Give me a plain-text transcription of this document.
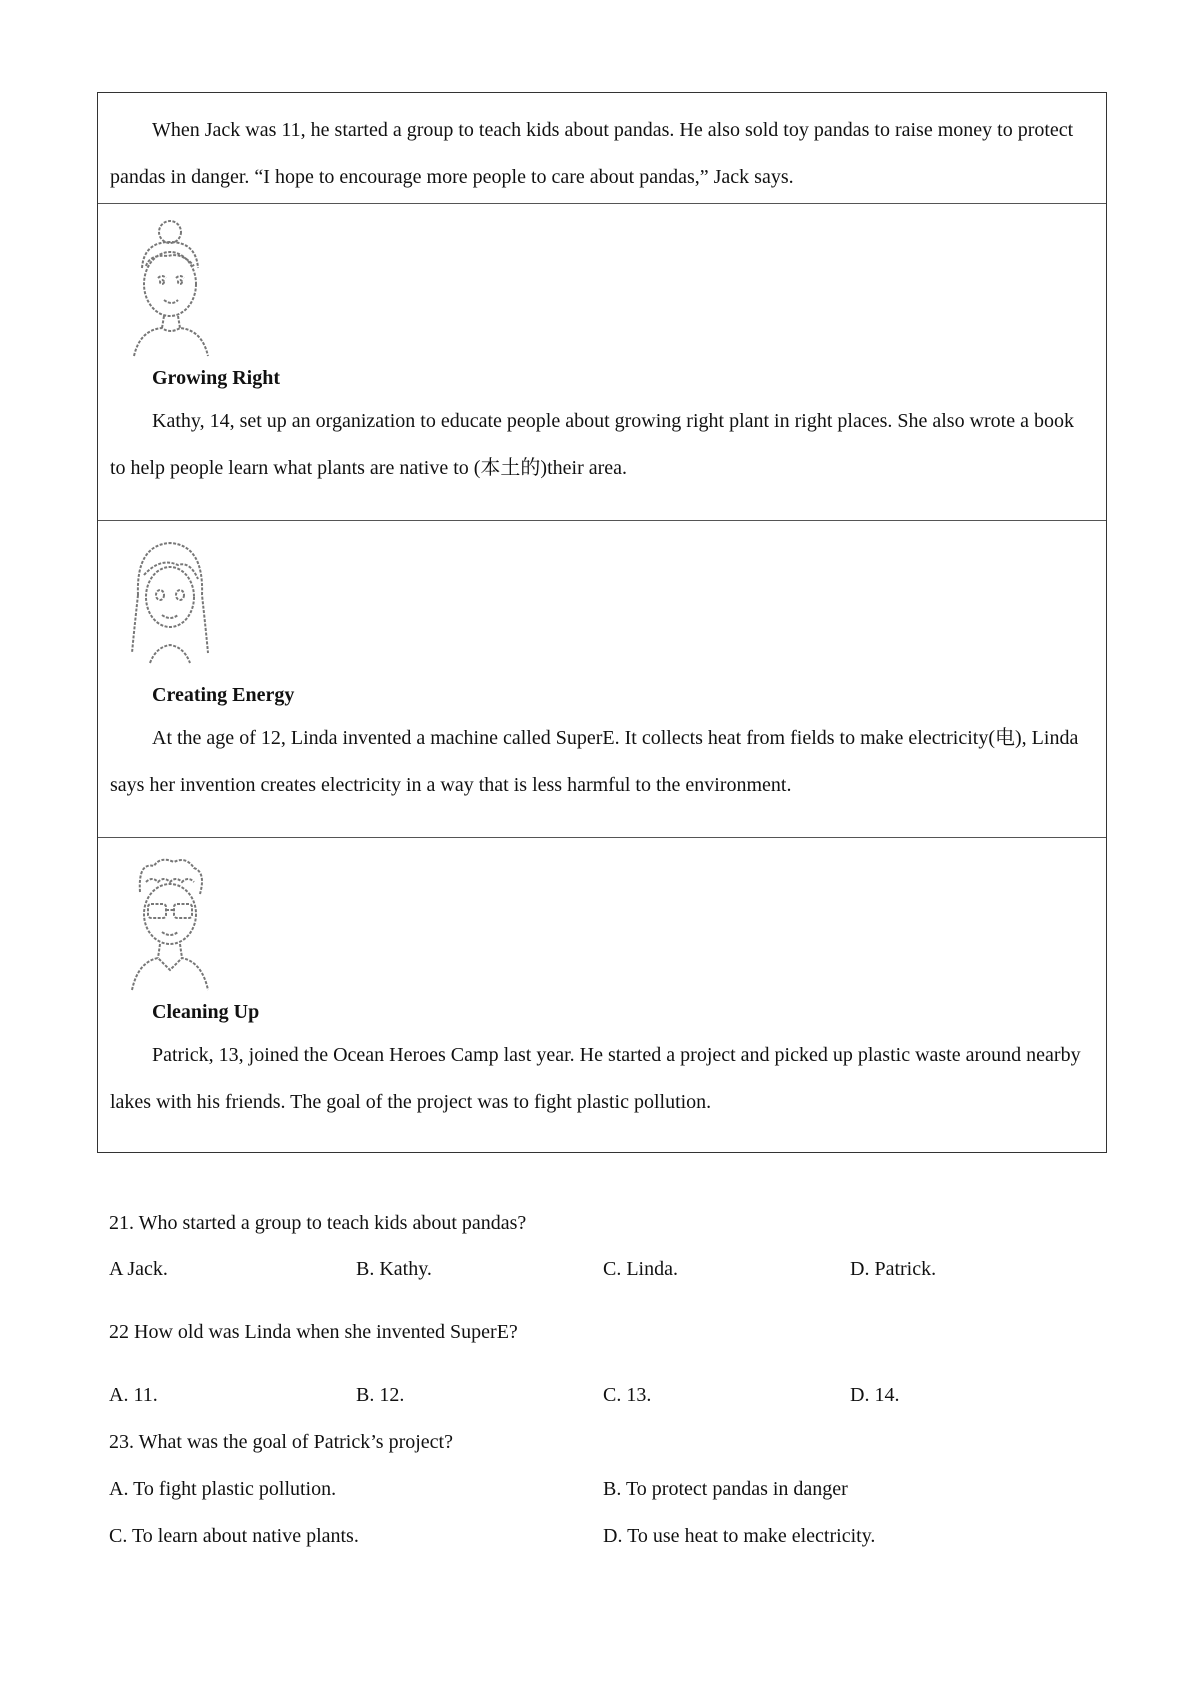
When Jack was 11, he started a group to teach kids about pandas. He also sold toy pandas to raise money to protect pandas in danger. “I hope to encourage more people to care about pandas,” Jack says.

Growing Right

Kathy, 14, set up an organization to educate people about growing right plant in right places. She also wrote a book to help people learn what plants are native to (本土的)their area.

Creating Energy

At the age of 12, Linda invented a machine called SuperE. It collects heat from fields to make electricity(电), Linda says her invention creates electricity in a way that is less harmful to the environment.

Cleaning Up

Patrick, 13, joined the Ocean Heroes Camp last year. He started a project and picked up plastic waste around nearby lakes with his friends. The goal of the project was to fight plastic pollution.

21. Who started a group to teach kids about pandas?

A Jack.	B. Kathy.	C. Linda.	D. Patrick.

22 How old was Linda when she invented SuperE?

A. 11.	B. 12.	C. 13.	D. 14.

23. What was the goal of Patrick’s project?

A. To fight plastic pollution.	B. To protect pandas in danger
C. To learn about native plants.	D. To use heat to make electricity.
